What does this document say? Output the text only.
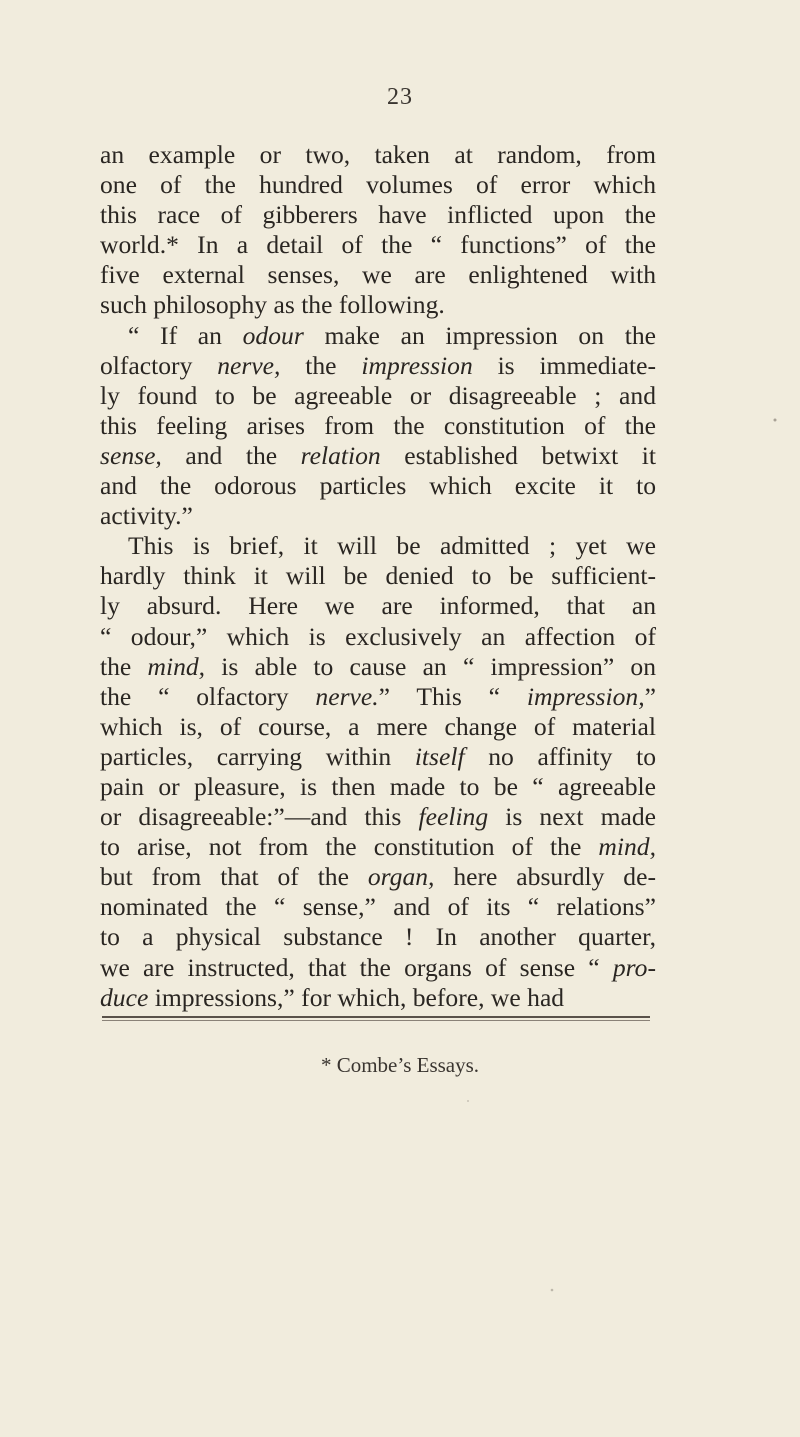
23
an example or two, taken at random, from
one of the hundred volumes of error which
this race of gibberers have inflicted upon the
world.* In a detail of the “ functions” of the
five external senses, we are enlightened with
such philosophy as the following.
“ If an odour make an impression on the
olfactory nerve, the impression is immediate-
ly found to be agreeable or disagreeable ; and
this feeling arises from the constitution of the
sense, and the relation established betwixt it
and the odorous particles which excite it to
activity.”
This is brief, it will be admitted ; yet we
hardly think it will be denied to be sufficient-
ly absurd. Here we are informed, that an
“ odour,” which is exclusively an affection of
the mind, is able to cause an “ impression” on
the “ olfactory nerve.” This “ impression,”
which is, of course, a mere change of material
particles, carrying within itself no affinity to
pain or pleasure, is then made to be “ agreeable
or disagreeable:”—and this feeling is next made
to arise, not from the constitution of the mind,
but from that of the organ, here absurdly de-
nominated the “ sense,” and of its “ relations”
to a physical substance ! In another quarter,
we are instructed, that the organs of sense “ pro-
duce impressions,” for which, before, we had
* Combe’s Essays.
